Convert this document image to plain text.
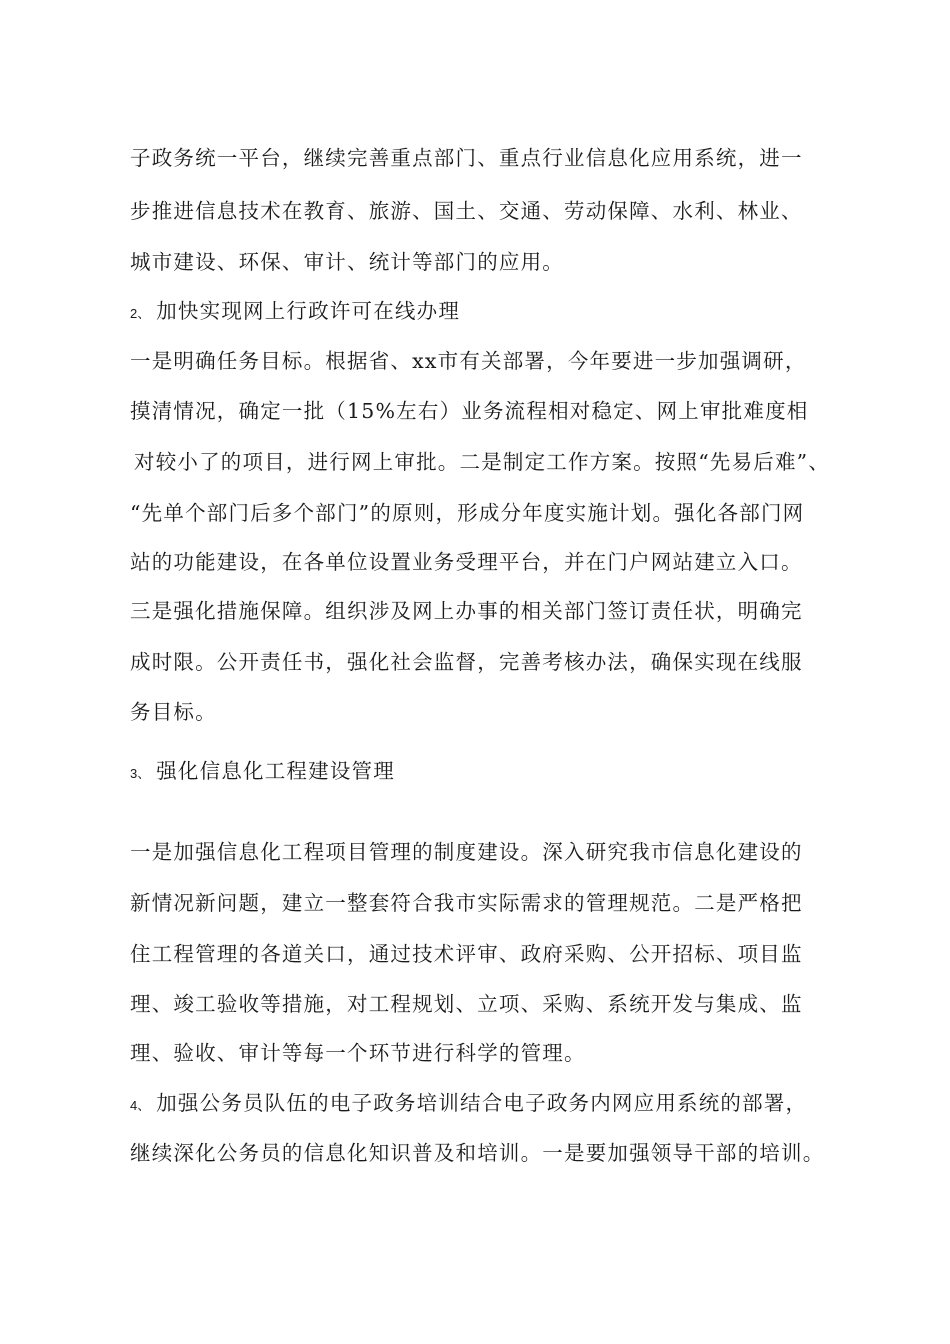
子政务统一平台，继续完善重点部门、重点行业信息化应用系统，进一
步推进信息技术在教育、旅游、国土、交通、劳动保障、水利、林业、
城市建设、环保、审计、统计等部门的应用。
2、 加快实现网上行政许可在线办理
一是明确任务目标。根据省、xx市有关部署，今年要进一步加强调研，
摸清情况，确定一批（15%左右）业务流程相对稳定、网上审批难度相
对较小了的项目，进行网上审批。二是制定工作方案。按照“先易后难”、
“先单个部门后多个部门”的原则，形成分年度实施计划。强化各部门网
站的功能建设，在各单位设置业务受理平台，并在门户网站建立入口。
三是强化措施保障。组织涉及网上办事的相关部门签订责任状，明确完
成时限。公开责任书，强化社会监督，完善考核办法，确保实现在线服
务目标。
3、 强化信息化工程建设管理
一是加强信息化工程项目管理的制度建设。深入研究我市信息化建设的
新情况新问题，建立一整套符合我市实际需求的管理规范。二是严格把
住工程管理的各道关口，通过技术评审、政府采购、公开招标、项目监
理、竣工验收等措施，对工程规划、立项、采购、系统开发与集成、监
理、验收、审计等每一个环节进行科学的管理。
4、 加强公务员队伍的电子政务培训结合电子政务内网应用系统的部署，
继续深化公务员的信息化知识普及和培训。一是要加强领导干部的培训。
